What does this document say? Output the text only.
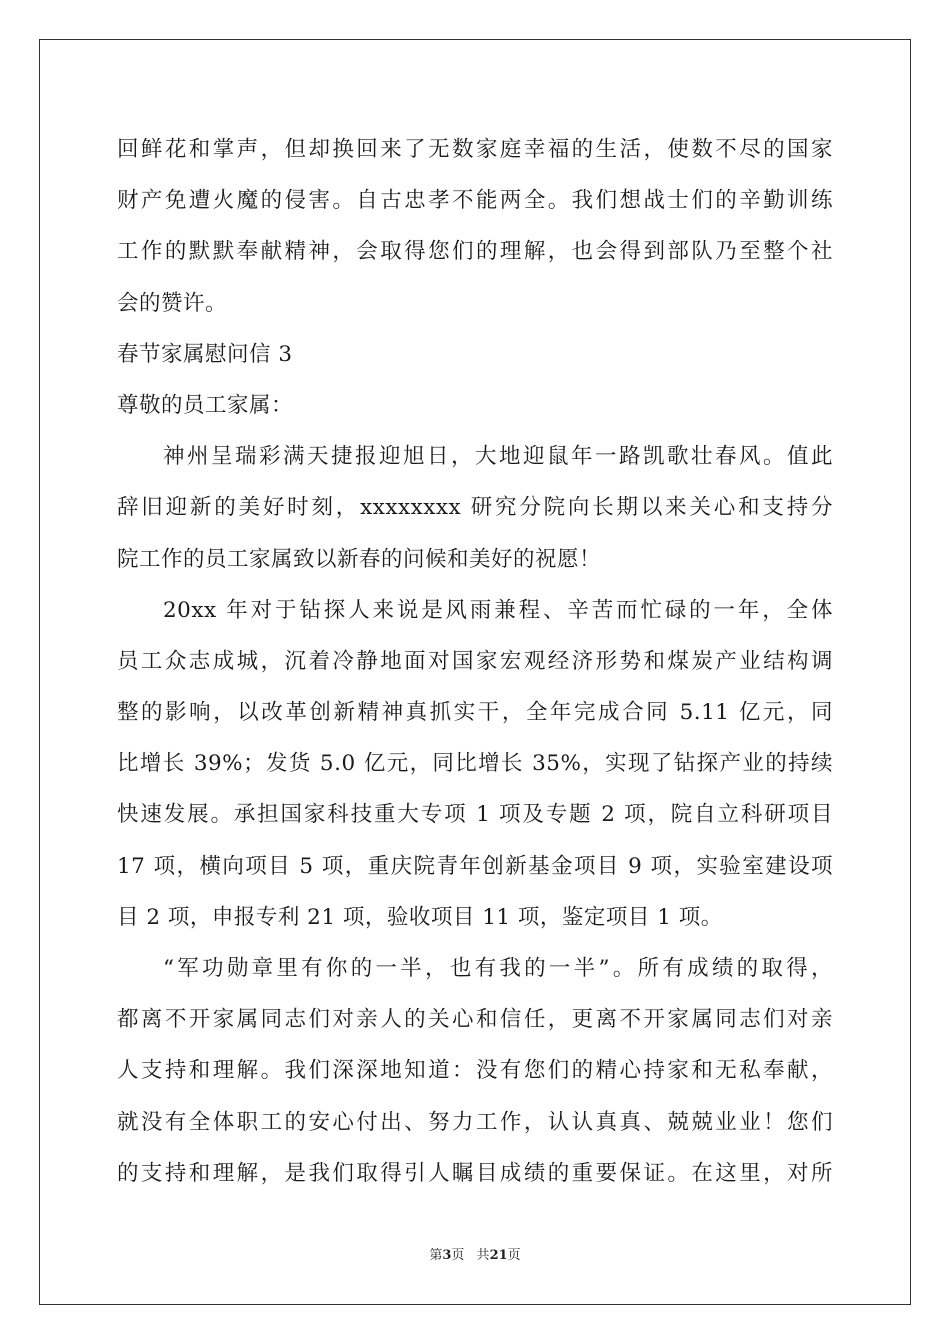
回鲜花和掌声，但却换回来了无数家庭幸福的生活，使数不尽的国家
财产免遭火魔的侵害。自古忠孝不能两全。我们想战士们的辛勤训练
工作的默默奉献精神，会取得您们的理解，也会得到部队乃至整个社
会的赞许。
春节家属慰问信 3
尊敬的员工家属：
神州呈瑞彩满天捷报迎旭日，大地迎鼠年一路凯歌壮春风。值此
辞旧迎新的美好时刻，xxxxxxxx 研究分院向长期以来关心和支持分
院工作的员工家属致以新春的问候和美好的祝愿！
20xx 年对于钻探人来说是风雨兼程、辛苦而忙碌的一年，全体
员工众志成城，沉着冷静地面对国家宏观经济形势和煤炭产业结构调
整的影响，以改革创新精神真抓实干，全年完成合同 5.11 亿元，同
比增长 39%；发货 5.0 亿元，同比增长 35%，实现了钻探产业的持续
快速发展。承担国家科技重大专项 1 项及专题 2 项，院自立科研项目
17 项，横向项目 5 项，重庆院青年创新基金项目 9 项，实验室建设项
目 2 项，申报专利 21 项，验收项目 11 项，鉴定项目 1 项。
“军功勋章里有你的一半，也有我的一半”。所有成绩的取得，
都离不开家属同志们对亲人的关心和信任，更离不开家属同志们对亲
人支持和理解。我们深深地知道：没有您们的精心持家和无私奉献，
就没有全体职工的安心付出、努力工作，认认真真、兢兢业业！您们
的支持和理解，是我们取得引人瞩目成绩的重要保证。在这里，对所
第3页 共21页
